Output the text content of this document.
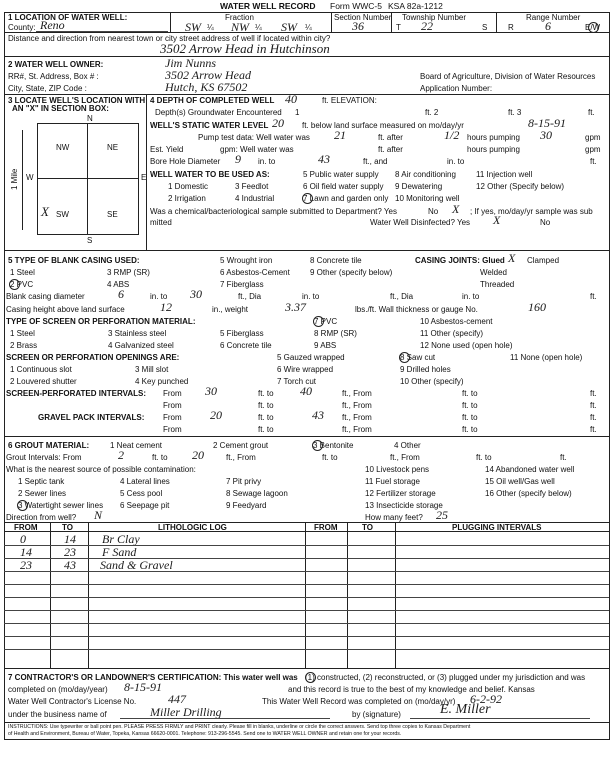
WATER WELL RECORD Form WWC-5 KSA 82a-1212
1 LOCATION OF WATER WELL:
County: Reno
Fraction
SW ¼ NW ¼ SW ¼
Section Number
36
Township Number
T 22	S
Range Number
R	6	E/W
Distance and direction from nearest town or city street address of well if located within city?
3502 Arrow Head in Hutchinson
2 WATER WELL OWNER:	Jim Nunns
RR#, St. Address, Box # :	3502 Arrow Head
City, State, ZIP Code :	Hutch, KS 67502
Board of Agriculture, Division of Water Resources
Application Number:
3 LOCATE WELL'S LOCATION WITH
AN "X" IN SECTION BOX:
N
S
W	E
NW	NE
SW	SE
X
1 Mile
4 DEPTH OF COMPLETED WELL 40	ft. ELEVATION:
Depth(s) Groundwater Encountered 1	ft. 2	ft. 3	ft.
WELL'S STATIC WATER LEVEL 20 ft. below land surface measured on mo/day/yr	8-15-91
Pump test data: Well water was 21	ft. after	1/2 hours pumping 30	gpm
Est. Yield	gpm: Well water was	ft. after	hours pumping	gpm
Bore Hole Diameter 9 in. to	43	ft., and	in. to	ft.
WELL WATER TO BE USED AS:	5 Public water supply 8 Air conditioning	11 Injection well
1 Domestic	3 Feedlot	6 Oil field water supply 9 Dewatering	12 Other (Specify below)
2 Irrigation	4 Industrial	7 Lawn and garden only 10 Monitoring well
Was a chemical/bacteriological sample submitted to Department? Yes	No X ; If yes, mo/day/yr sample was sub
mitted	Water Well Disinfected? Yes X	No
5 TYPE OF BLANK CASING USED:
1 Steel
2 PVC
3 RMP (SR)
4 ABS
5 Wrought iron
6 Asbestos-Cement
7 Fiberglass
8 Concrete tile
9 Other (specify below)
CASING JOINTS: Glued X Clamped
Welded
Threaded
Blank casing diameter	6	in. to 30	ft., Dia	in. to	ft., Dia	in. to	ft.
Casing height above land surface	12	in., weight	3.37	lbs./ft. Wall thickness or gauge No.	160
TYPE OF SCREEN OR PERFORATION MATERIAL:
1 Steel
2 Brass
3 Stainless steel
4 Galvanized steel
5 Fiberglass
6 Concrete tile
7 PVC
8 RMP (SR)
9 ABS
10 Asbestos-cement
11 Other (specify)
12 None used (open hole)
SCREEN OR PERFORATION OPENINGS ARE:
1 Continuous slot
2 Louvered shutter
3 Mill slot
4 Key punched
5 Gauzed wrapped
6 Wire wrapped
7 Torch cut
8 Saw cut
9 Drilled holes
10 Other (specify)
11 None (open hole)
SCREEN-PERFORATED INTERVALS: From 30	ft. to 40	ft., From	ft. to	ft.
From	ft. to	ft., From	ft. to	ft.
GRAVEL PACK INTERVALS: From 20	ft. to	43 ft., From	ft. to	ft.
From	ft. to	ft., From	ft. to	ft.
6 GROUT MATERIAL:	1 Neat cement	2 Cement grout	3 Bentonite	4 Other
Grout Intervals: From	2	ft. to 20	ft., From	ft. to	ft., From	ft. to	ft.
What is the nearest source of possible contamination:	10 Livestock pens	14 Abandoned water well
1 Septic tank	4 Lateral lines	7 Pit privy	11 Fuel storage	15 Oil well/Gas well
2 Sewer lines	5 Cess pool	8 Sewage lagoon	12 Fertilizer storage	16 Other (specify below)
3 Watertight sewer lines 6 Seepage pit	9 Feedyard	13 Insecticide storage
Direction from well? N	How many feet? 25
FROM	TO	LITHOLOGIC LOG	FROM	TO	PLUGGING INTERVALS
0	14 Br Clay
14	23 F Sand
23	43 Sand & Gravel
7 CONTRACTOR'S OR LANDOWNER'S CERTIFICATION: This water well was (1) constructed, (2) reconstructed, or (3) plugged under my jurisdiction and was
completed on (mo/day/year) 8-15-91	and this record is true to the best of my knowledge and belief. Kansas
Water Well Contractor's License No.	447	This Water Well Record was completed on (mo/day/yr) 6-2-92
under the business name of	Miller Drilling	by (signature)	E. Miller
INSTRUCTIONS: Use typewriter or ball point pen. PLEASE PRESS FIRMLY and PRINT clearly. Please fill in blanks, underline or circle the correct answers. Send top three copies to Kansas Department
of Health and Environment, Bureau of Water, Topeka, Kansas 66620-0001. Telephone: 913-296-5545. Send one to WATER WELL OWNER and retain one for your records.
